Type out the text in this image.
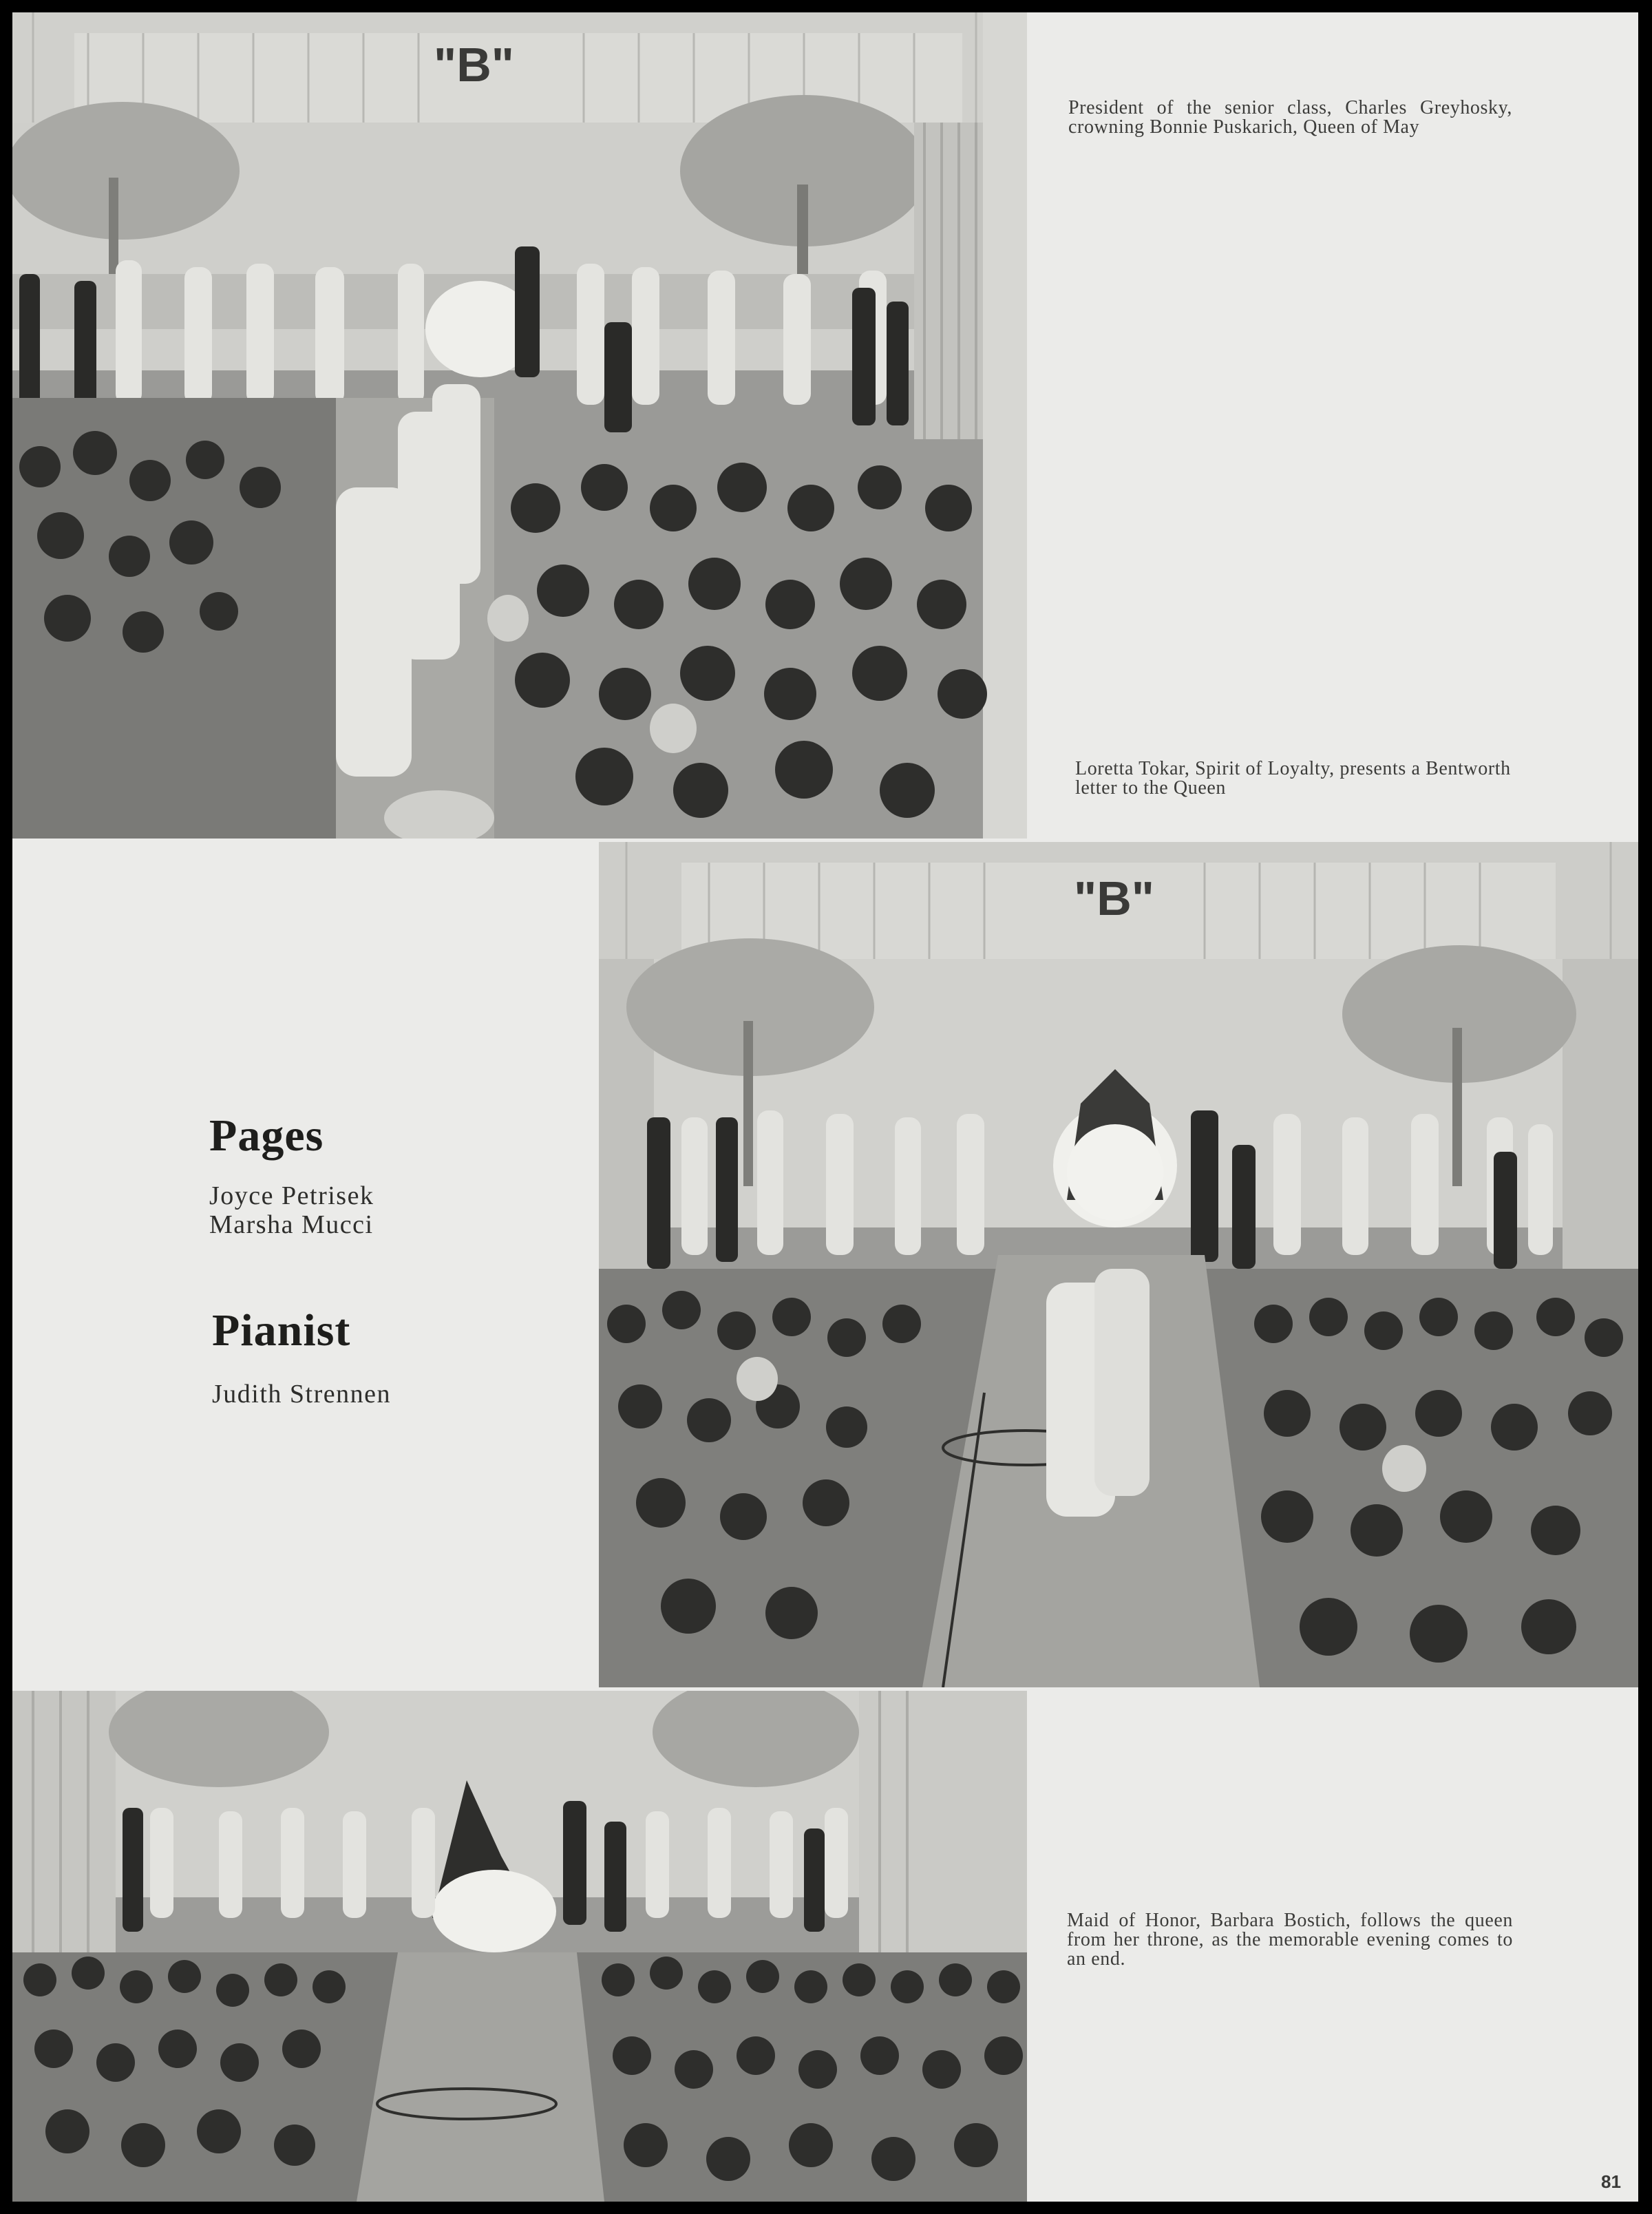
"B"

President of the senior class, Charles Greyhosky, crowning Bonnie Puskarich, Queen of May

Loretta Tokar, Spirit of Loyalty, presents a Bentworth letter to the Queen

"B"
Pages
Joyce Petrisek
Marsha Mucci
Pianist
Judith Strennen

Maid of Honor, Barbara Bostich, follows the queen from her throne, as the memorable evening comes to an end.

81
